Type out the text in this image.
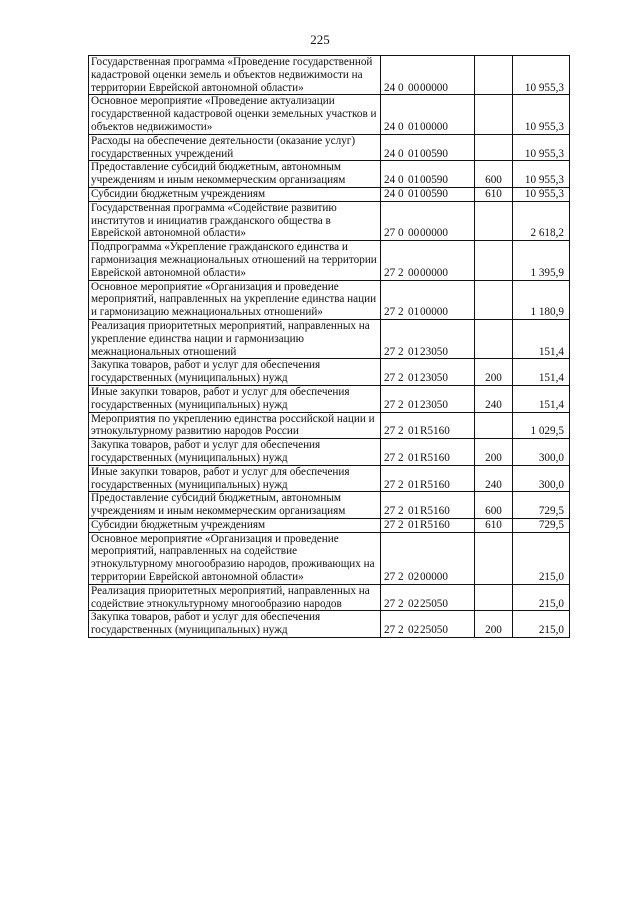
225
Государственная программа «Проведение государственной кадастровой оценки земель и объектов недвижимости на территории Еврейской автономной области»	24 0 0000000		10 955,3
Основное мероприятие «Проведение актуализации государственной кадастровой оценки земельных участков и объектов недвижимости»	24 0 0100000		10 955,3
Расходы на обеспечение деятельности (оказание услуг) государственных учреждений	24 0 0100590		10 955,3
Предоставление субсидий бюджетным, автономным учреждениям и иным некоммерческим организациям	24 0 0100590	600	10 955,3
Субсидии бюджетным учреждениям	24 0 0100590	610	10 955,3
Государственная программа «Содействие развитию институтов и инициатив гражданского общества в Еврейской автономной области»	27 0 0000000		2 618,2
Подпрограмма «Укрепление гражданского единства и гармонизация межнациональных отношений на территории Еврейской автономной области»	27 2 0000000		1 395,9
Основное мероприятие «Организация и проведение мероприятий, направленных на укрепление единства нации и гармонизацию межнациональных отношений»	27 2 0100000		1 180,9
Реализация приоритетных мероприятий, направленных на укрепление единства нации и гармонизацию межнациональных отношений	27 2 0123050		151,4
Закупка товаров, работ и услуг для обеспечения государственных (муниципальных) нужд	27 2 0123050	200	151,4
Иные закупки товаров, работ и услуг для обеспечения государственных (муниципальных) нужд	27 2 0123050	240	151,4
Мероприятия по укреплению единства российской нации и этнокультурному развитию народов России	27 2 01R5160		1 029,5
Закупка товаров, работ и услуг для обеспечения государственных (муниципальных) нужд	27 2 01R5160	200	300,0
Иные закупки товаров, работ и услуг для обеспечения государственных (муниципальных) нужд	27 2 01R5160	240	300,0
Предоставление субсидий бюджетным, автономным учреждениям и иным некоммерческим организациям	27 2 01R5160	600	729,5
Субсидии бюджетным учреждениям	27 2 01R5160	610	729,5
Основное мероприятие «Организация и проведение мероприятий, направленных на содействие этнокультурному многообразию народов, проживающих на территории Еврейской автономной области»	27 2 0200000		215,0
Реализация приоритетных мероприятий, направленных на содействие этнокультурному многообразию народов	27 2 0225050		215,0
Закупка товаров, работ и услуг для обеспечения государственных (муниципальных) нужд	27 2 0225050	200	215,0
